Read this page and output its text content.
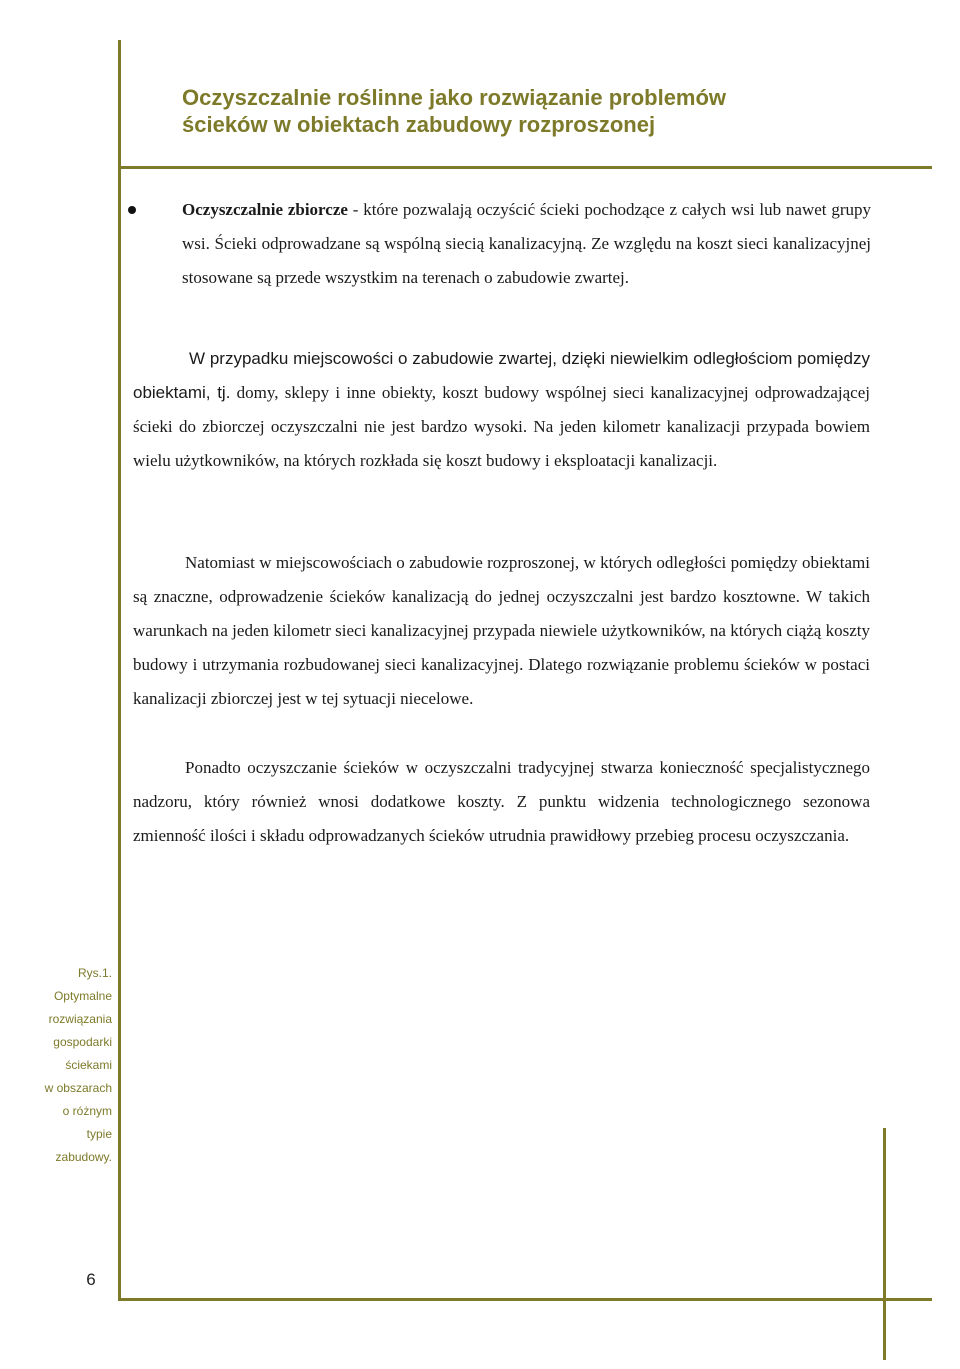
Oczyszczalnie roślinne jako rozwiązanie problemów
ścieków w obiektach zabudowy rozproszonej

Oczyszczalnie zbiorcze - które pozwalają oczyścić ścieki pochodzące z całych wsi lub nawet grupy wsi. Ścieki odprowadzane są wspólną siecią kanalizacyjną. Ze względu na koszt sieci kanalizacyjnej stosowane są przede wszystkim na terenach o zabudowie zwartej.

W przypadku miejscowości o zabudowie zwartej, dzięki niewielkim odległościom pomiędzy obiektami, tj. domy, sklepy i inne obiekty, koszt budowy wspólnej sieci kanalizacyjnej odprowadzającej ścieki do zbiorczej oczyszczalni nie jest bardzo wysoki. Na jeden kilometr kanalizacji przypada bowiem wielu użytkowników, na których rozkłada się koszt budowy i eksploatacji kanalizacji.

Natomiast w miejscowościach o zabudowie rozproszonej, w których odległości pomiędzy obiektami są znaczne, odprowadzenie ścieków kanalizacją do jednej oczyszczalni jest bardzo kosztowne. W takich warunkach na jeden kilometr sieci kanalizacyjnej przypada niewiele użytkowników, na których ciążą koszty budowy i utrzymania rozbudowanej sieci kanalizacyjnej. Dlatego rozwiązanie problemu ścieków w postaci kanalizacji zbiorczej jest w tej sytuacji niecelowe.

Ponadto oczyszczanie ścieków w oczyszczalni tradycyjnej stwarza konieczność specjalistycznego nadzoru, który również wnosi dodatkowe koszty. Z punktu widzenia technologicznego sezonowa zmienność ilości i składu odprowadzanych ścieków utrudnia prawidłowy przebieg procesu oczyszczania.

Rys.1.
Optymalne
rozwiązania
gospodarki
ściekami
w obszarach
o różnym
typie
zabudowy.
6
